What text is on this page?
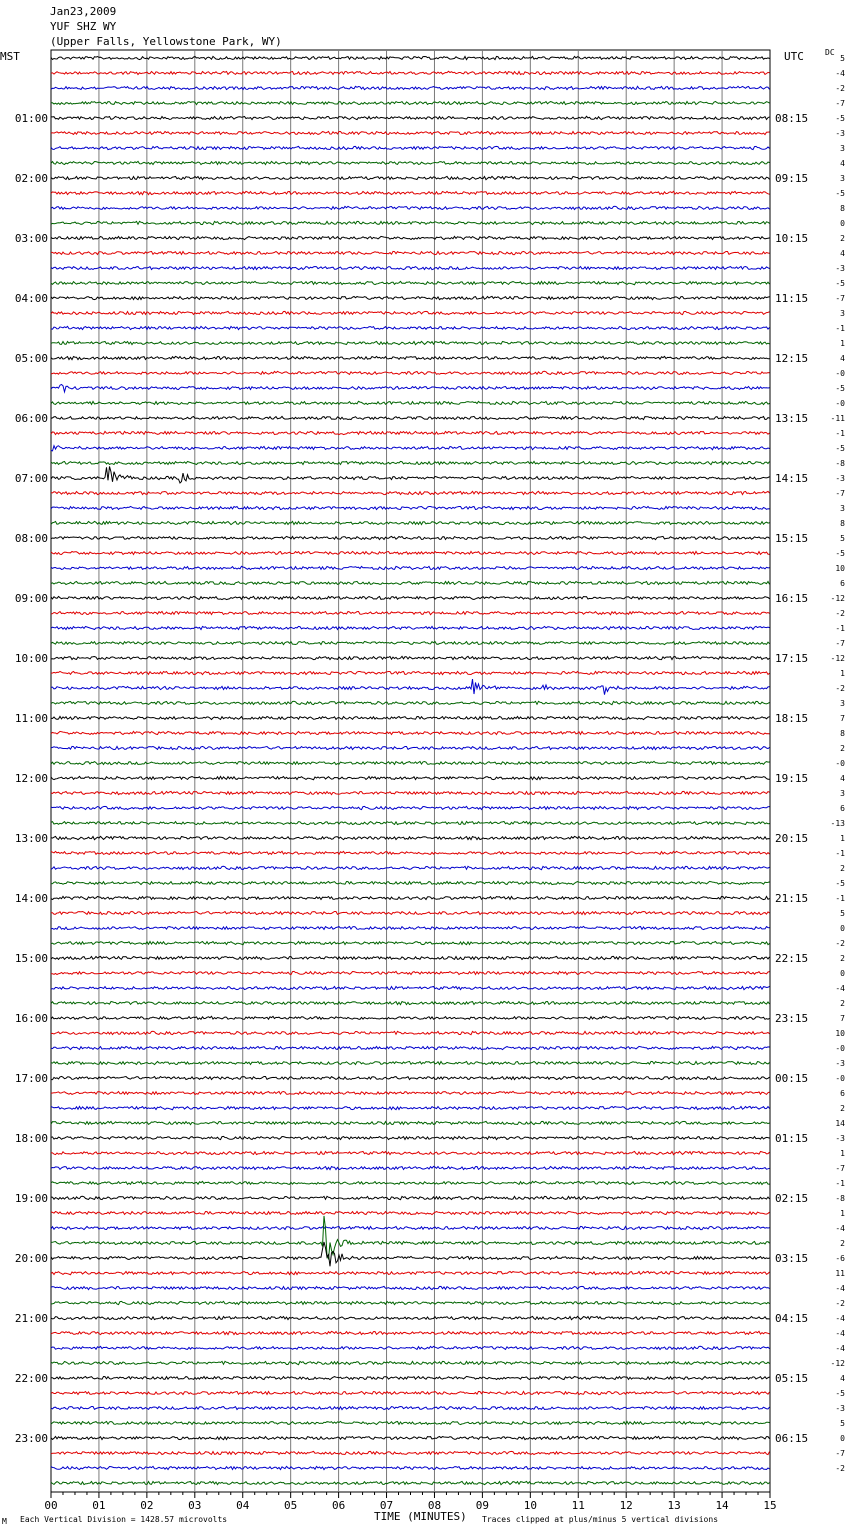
Jan23,2009
YUF SHZ WY
(Upper Falls, Yellowstone Park, WY)
MST	UTC	DC
5
-4
-2
-7
-5
-3
3
4
3
-5
8
0
2
4
-3
-5
-7
3
-1
1
4
-0
-5
-0
-11
-1
-5
-8
-3
-7
3
8
5
-5
10
6
-12
-2
-1
-7
-12
1
-2
3
7
8
2
-0
4
3
6
-13
1
-1
2
-5
-1
5
0
-2
2
0
-4
2
7
10
-0
-3
-0
6
2
14
-3
1
-7
-1
-8
1
-4
2
-6
11
-4
-2
-4
-4
-4
-12
4
-5
-3
5
0
-7
-2
01:00
02:00
03:00
04:00
05:00
06:00
07:00
08:00
09:00
10:00
11:00
12:00
13:00
14:00
15:00
16:00
17:00
18:00
19:00
20:00
21:00
22:00
23:00
08:15
09:15
10:15
11:15
12:15
13:15
14:15
15:15
16:15
17:15
18:15
19:15
20:15
21:15
22:15
23:15
00:15
01:15
02:15
03:15
04:15
05:15
06:15
00	01	02	03	04	05	06	07	08	09	10	11	12	13	14	15
M Each Vertical Division = 1428.57 microvolts	TIME (MINUTES) Traces clipped at plus/minus 5 vertical divisions
